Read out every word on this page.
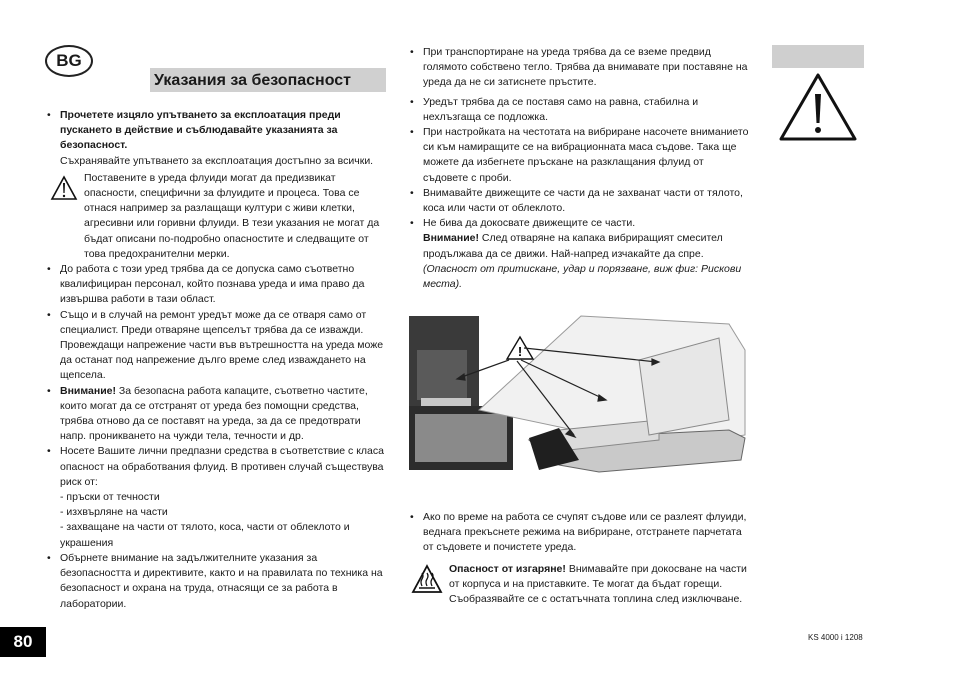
BG
Указания за безопасност
• Прочетете изцяло упътването за експлоатация преди пускането в действие и съблюдавайте указанията за безопасност.
Съхранявайте упътването за експлоатация достъпно за всички.
Поставените в уреда флуиди могат да предизвикат опасности, специфични за флуидите и процеса. Това се отнася например за разлащащи култури с живи клетки, агресивни или горивни флуиди. В тези указания не могат да бъдат описани по-подробно опасностите и следващите от това предохранителни мерки.
• До работа с този уред трябва да се допуска само съответно квалифициран персонал, който познава уреда и има право да извършва работи в тази област.
• Също и в случай на ремонт уредът може да се отваря само от специалист. Преди отваряне щепселът трябва да се изважди. Провеждащи напрежение части във вътрешността на уреда може да останат под напрежение дълго време след изваждането на щепсела.
• Внимание! За безопасна работа капаците, съответно частите, които могат да се отстранят от уреда без помощни средства, трябва отново да се поставят на уреда, за да се предотврати напр. проникването на чужди тела, течности и др.
• Носете Вашите лични предпазни средства в съответствие с класа опасност на обработвания флуид. В противен случай съществува риск от:
- пръски от течности
- изхвърляне на части
- захващане на части от тялото, коса, части от облеклото и украшения
• Обърнете внимание на задължителните указания за безопасността и директивите, както и на правилата по техника на безопасност и охрана на труда, отнасящи се за работа в лаборатории.
• При транспортиране на уреда трябва да се вземе предвид голямото собствено тегло. Трябва да внимавате при поставяне на уреда да не си затиснете пръстите.
• Уредът трябва да се поставя само на равна, стабилна и нехлъзгаща се подложка.
• При настройката на честотата на вибриране насочете вниманието си към намиращите се на вибрационната маса съдове. Така ще можете да избегнете пръскане на разклащания флуид от съдовете с проби.
• Внимавайте движещите се части да не захванат части от тялото, коса или части от облеклото.
• Не бива да докосвате движещите се части.
Внимание! След отваряне на капака вибриращият смесител продължава да се движи. Най-напред изчакайте да спре.
(Опасност от притискане, удар и порязване, виж фиг: Рискови места).
!
• Ако по време на работа се счупят съдове или се разлеят флуиди, веднага прекъснете режима на вибриране, отстранете парчетата от съдовете и почистете уреда.
Опасност от изгаряне! Внимавайте при докосване на части от корпуса и на приставките. Те могат да бъдат горещи. Съобразявайте се с остатъчната топлина след изключване.
80	KS 4000 i 1208
